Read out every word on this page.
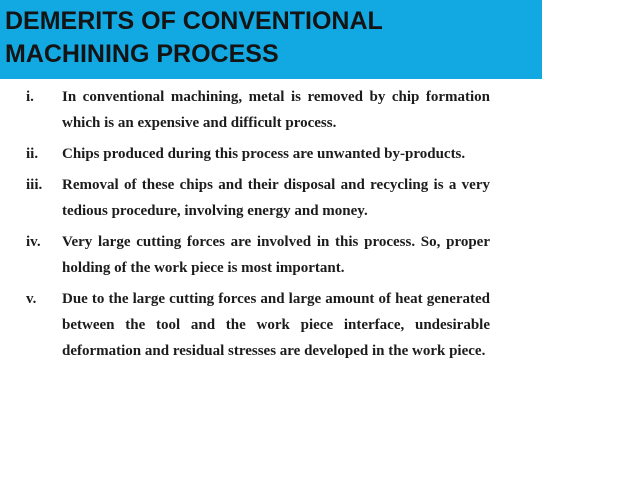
DEMERITS OF CONVENTIONAL
MACHINING PROCESS
i.	In conventional machining, metal is removed by chip formation which is an expensive and difficult process.
ii.	Chips produced during this process are unwanted by-products.
iii.	Removal of these chips and their disposal and recycling is a very tedious procedure, involving energy and money.
iv.	Very large cutting forces are involved in this process. So, proper holding of the work piece is most important.
v.	Due to the large cutting forces and large amount of heat generated between the tool and the work piece interface, undesirable deformation and residual stresses are developed in the work piece.
